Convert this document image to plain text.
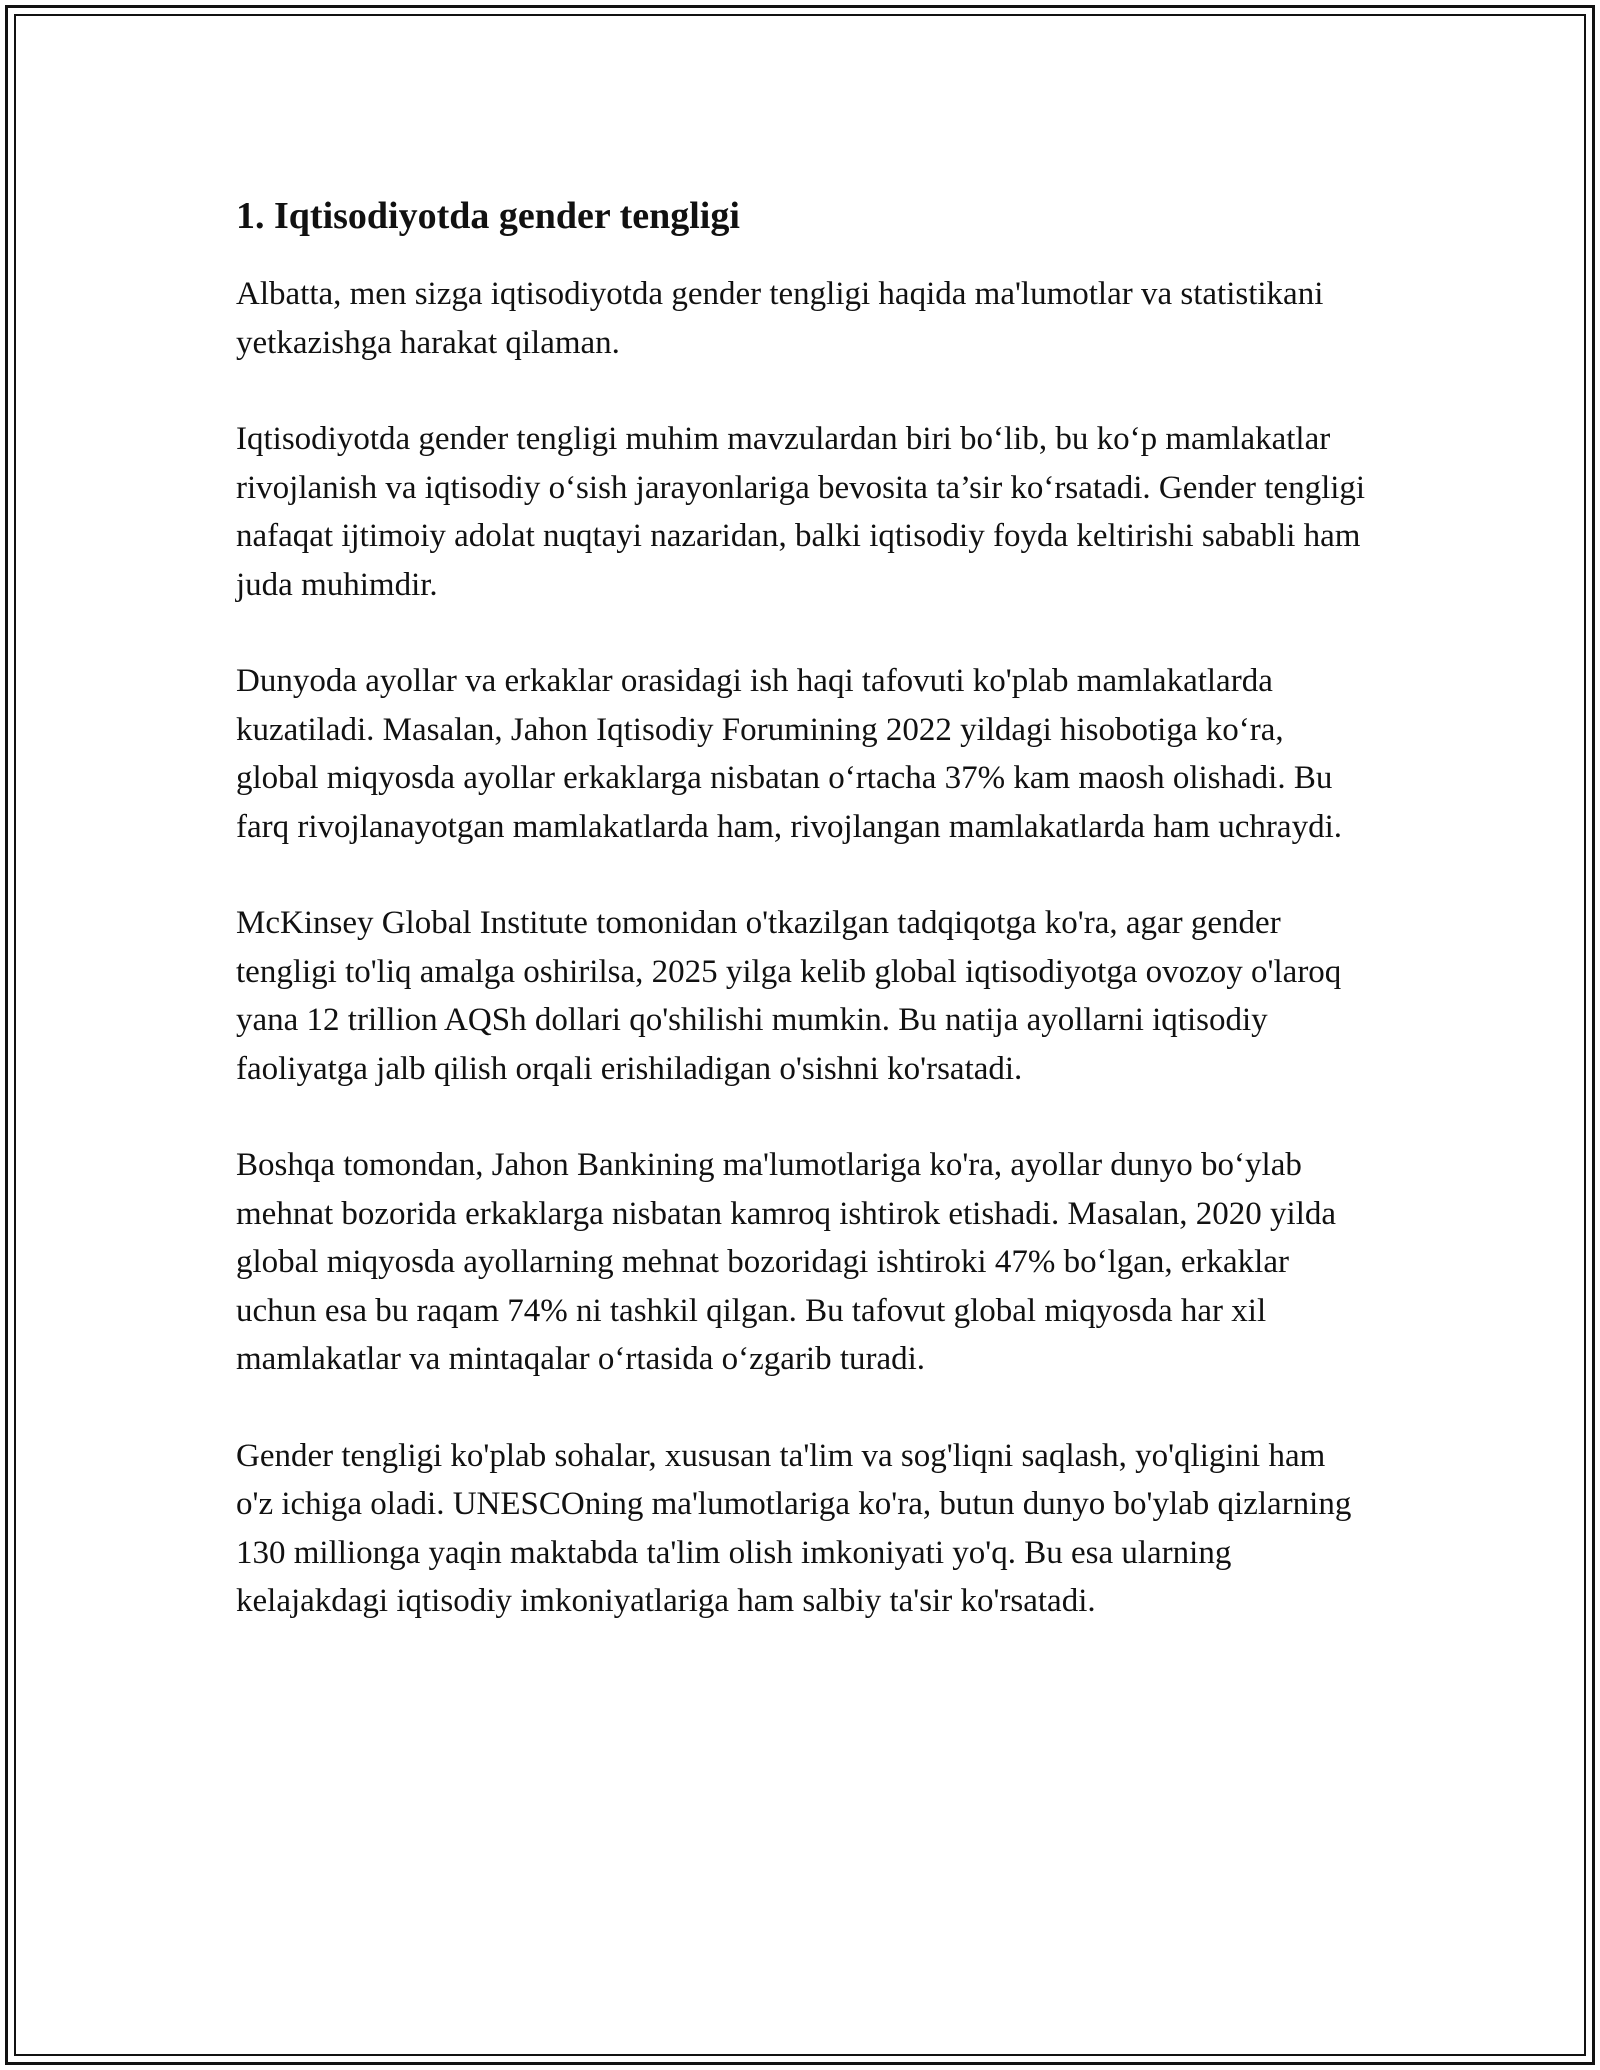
1. Iqtisodiyotda gender tengligi

Albatta, men sizga iqtisodiyotda gender tengligi haqida ma'lumotlar va statistikani yetkazishga harakat qilaman.

Iqtisodiyotda gender tengligi muhim mavzulardan biri bo‘lib, bu ko‘p mamlakatlar rivojlanish va iqtisodiy o‘sish jarayonlariga bevosita ta’sir ko‘rsatadi. Gender tengligi nafaqat ijtimoiy adolat nuqtayi nazaridan, balki iqtisodiy foyda keltirishi sababli ham juda muhimdir.

Dunyoda ayollar va erkaklar orasidagi ish haqi tafovuti ko'plab mamlakatlarda kuzatiladi. Masalan, Jahon Iqtisodiy Forumining 2022 yildagi hisobotiga ko‘ra, global miqyosda ayollar erkaklarga nisbatan o‘rtacha 37% kam maosh olishadi. Bu farq rivojlanayotgan mamlakatlarda ham, rivojlangan mamlakatlarda ham uchraydi.

McKinsey Global Institute tomonidan o'tkazilgan tadqiqotga ko'ra, agar gender tengligi to'liq amalga oshirilsa, 2025 yilga kelib global iqtisodiyotga ovozoy o'laroq yana 12 trillion AQSh dollari qo'shilishi mumkin. Bu natija ayollarni iqtisodiy faoliyatga jalb qilish orqali erishiladigan o'sishni ko'rsatadi.

Boshqa tomondan, Jahon Bankining ma'lumotlariga ko'ra, ayollar dunyo bo‘ylab mehnat bozorida erkaklarga nisbatan kamroq ishtirok etishadi. Masalan, 2020 yilda global miqyosda ayollarning mehnat bozoridagi ishtiroki 47% bo‘lgan, erkaklar uchun esa bu raqam 74% ni tashkil qilgan. Bu tafovut global miqyosda har xil mamlakatlar va mintaqalar o‘rtasida o‘zgarib turadi.

Gender tengligi ko'plab sohalar, xususan ta'lim va sog'liqni saqlash, yo'qligini ham o'z ichiga oladi. UNESCOning ma'lumotlariga ko'ra, butun dunyo bo'ylab qizlarning 130 millionga yaqin maktabda ta'lim olish imkoniyati yo'q. Bu esa ularning kelajakdagi iqtisodiy imkoniyatlariga ham salbiy ta'sir ko'rsatadi.
